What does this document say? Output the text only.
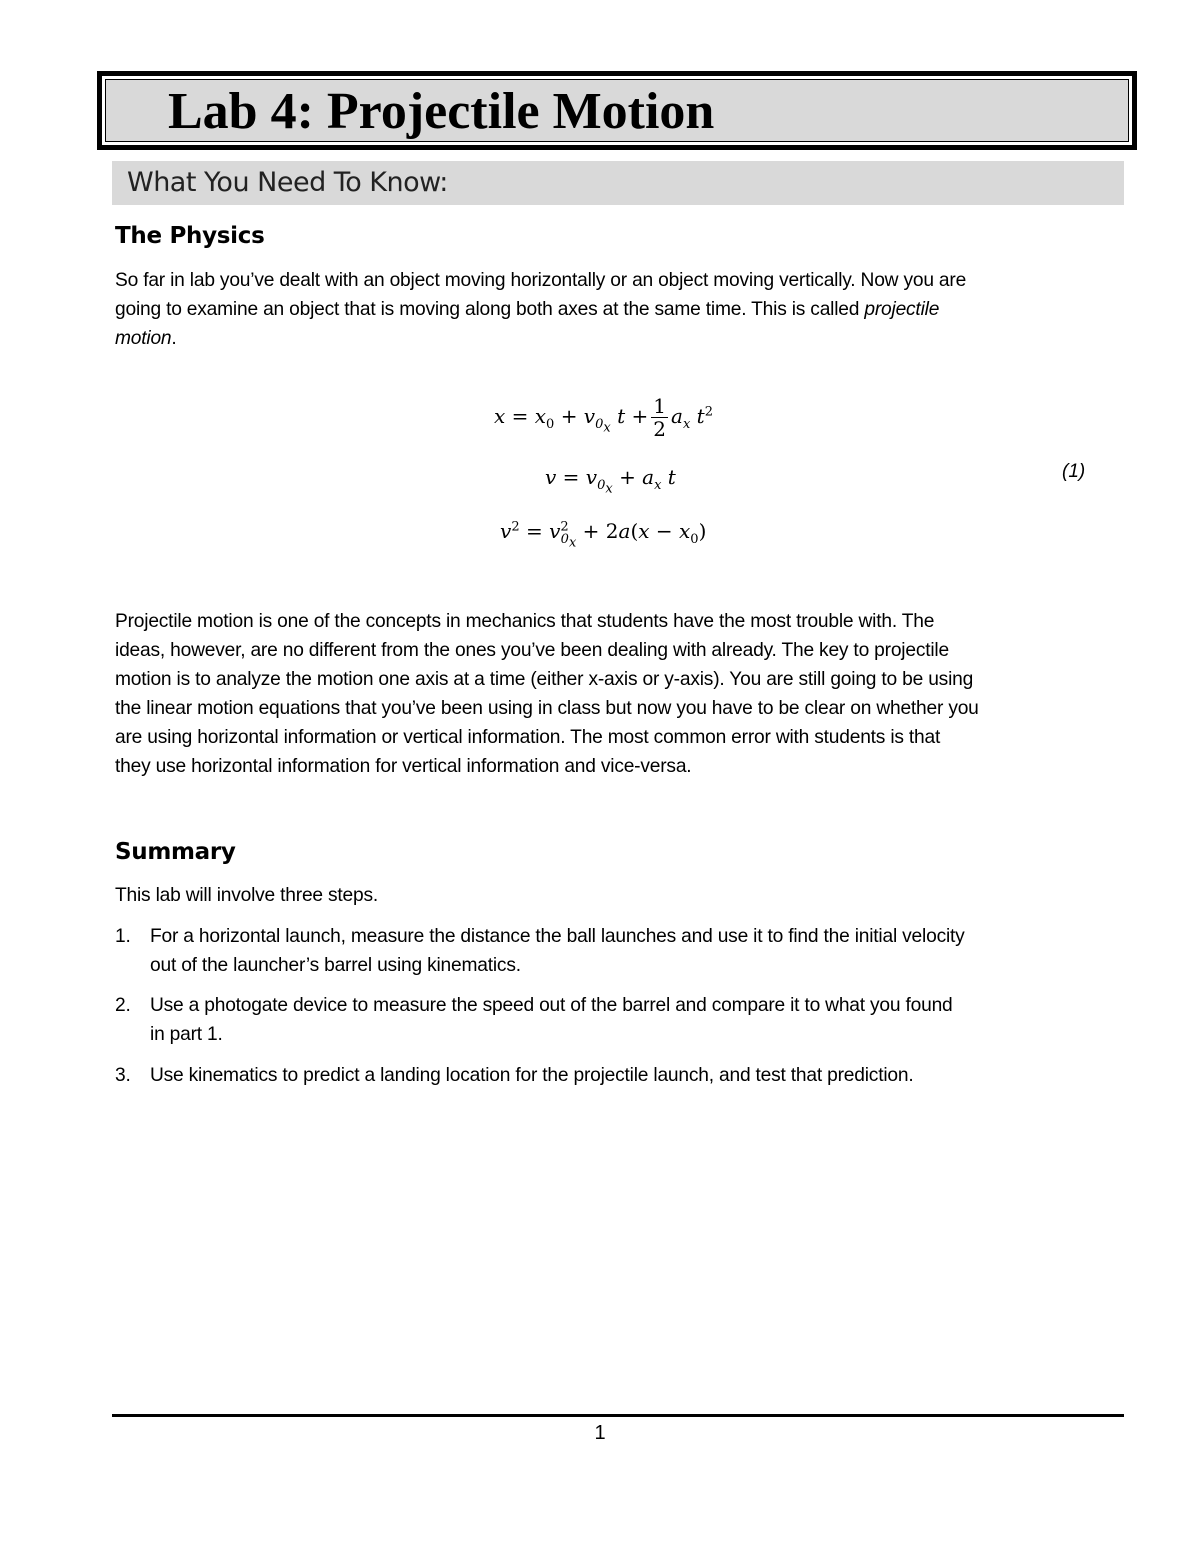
Lab 4: Projectile Motion
What You Need To Know:
The Physics
So far in lab you’ve dealt with an object moving horizontally or an object moving vertically. Now you are
going to examine an object that is moving along both axes at the same time. This is called projectile
motion.
$x = x_0 + v_{0_x}$ $t + \frac{1}{2} a_x$ $t^2$
$v = v_{0_x} + a_x$ t
$v^2 = v^2_{0_x} + 2a(x - x_0)$
(1)
Projectile motion is one of the concepts in mechanics that students have the most trouble with. The
ideas, however, are no different from the ones you’ve been dealing with already. The key to projectile
motion is to analyze the motion one axis at a time (either x-axis or y-axis). You are still going to be using
the linear motion equations that you’ve been using in class but now you have to be clear on whether you
are using horizontal information or vertical information. The most common error with students is that
they use horizontal information for vertical information and vice-versa.
Summary
This lab will involve three steps.
1. For a horizontal launch, measure the distance the ball launches and use it to find the initial velocity
out of the launcher’s barrel using kinematics.
2. Use a photogate device to measure the speed out of the barrel and compare it to what you found
in part 1.
3. Use kinematics to predict a landing location for the projectile launch, and test that prediction.
1
